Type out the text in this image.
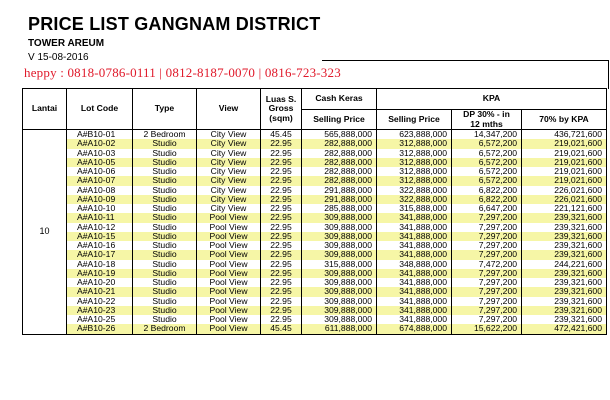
PRICE LIST GANGNAM DISTRICT
TOWER AREUM
V 15-08-2016
heppy : 0818-0786-0111 | 0812-8187-0070 | 0816-723-323
Lantai	Lot Code	Type	View	Luas S.
Gross
(sqm)	Cash Keras	KPA		
					Selling Price	Selling Price	DP 30% - in
12 mths	70% by KPA
10	A#B10-01	2 Bedroom	City View	45.45	565,888,000	623,888,000	14,347,200	436,721,600
	A#A10-02	Studio	City View	22.95	282,888,000	312,888,000	6,572,200	219,021,600
	A#A10-03	Studio	City View	22.95	282,888,000	312,888,000	6,572,200	219,021,600
	A#A10-05	Studio	City View	22.95	282,888,000	312,888,000	6,572,200	219,021,600
	A#A10-06	Studio	City View	22.95	282,888,000	312,888,000	6,572,200	219,021,600
	A#A10-07	Studio	City View	22.95	282,888,000	312,888,000	6,572,200	219,021,600
	A#A10-08	Studio	City View	22.95	291,888,000	322,888,000	6,822,200	226,021,600
	A#A10-09	Studio	City View	22.95	291,888,000	322,888,000	6,822,200	226,021,600
	A#A10-10	Studio	City View	22.95	285,888,000	315,888,000	6,647,200	221,121,600
	A#A10-11	Studio	Pool View	22.95	309,888,000	341,888,000	7,297,200	239,321,600
	A#A10-12	Studio	Pool View	22.95	309,888,000	341,888,000	7,297,200	239,321,600
	A#A10-15	Studio	Pool View	22.95	309,888,000	341,888,000	7,297,200	239,321,600
	A#A10-16	Studio	Pool View	22.95	309,888,000	341,888,000	7,297,200	239,321,600
	A#A10-17	Studio	Pool View	22.95	309,888,000	341,888,000	7,297,200	239,321,600
	A#A10-18	Studio	Pool View	22.95	315,888,000	348,888,000	7,472,200	244,221,600
	A#A10-19	Studio	Pool View	22.95	309,888,000	341,888,000	7,297,200	239,321,600
	A#A10-20	Studio	Pool View	22.95	309,888,000	341,888,000	7,297,200	239,321,600
	A#A10-21	Studio	Pool View	22.95	309,888,000	341,888,000	7,297,200	239,321,600
	A#A10-22	Studio	Pool View	22.95	309,888,000	341,888,000	7,297,200	239,321,600
	A#A10-23	Studio	Pool View	22.95	309,888,000	341,888,000	7,297,200	239,321,600
	A#A10-25	Studio	Pool View	22.95	309,888,000	341,888,000	7,297,200	239,321,600
	A#B10-26	2 Bedroom	Pool View	45.45	611,888,000	674,888,000	15,622,200	472,421,600
